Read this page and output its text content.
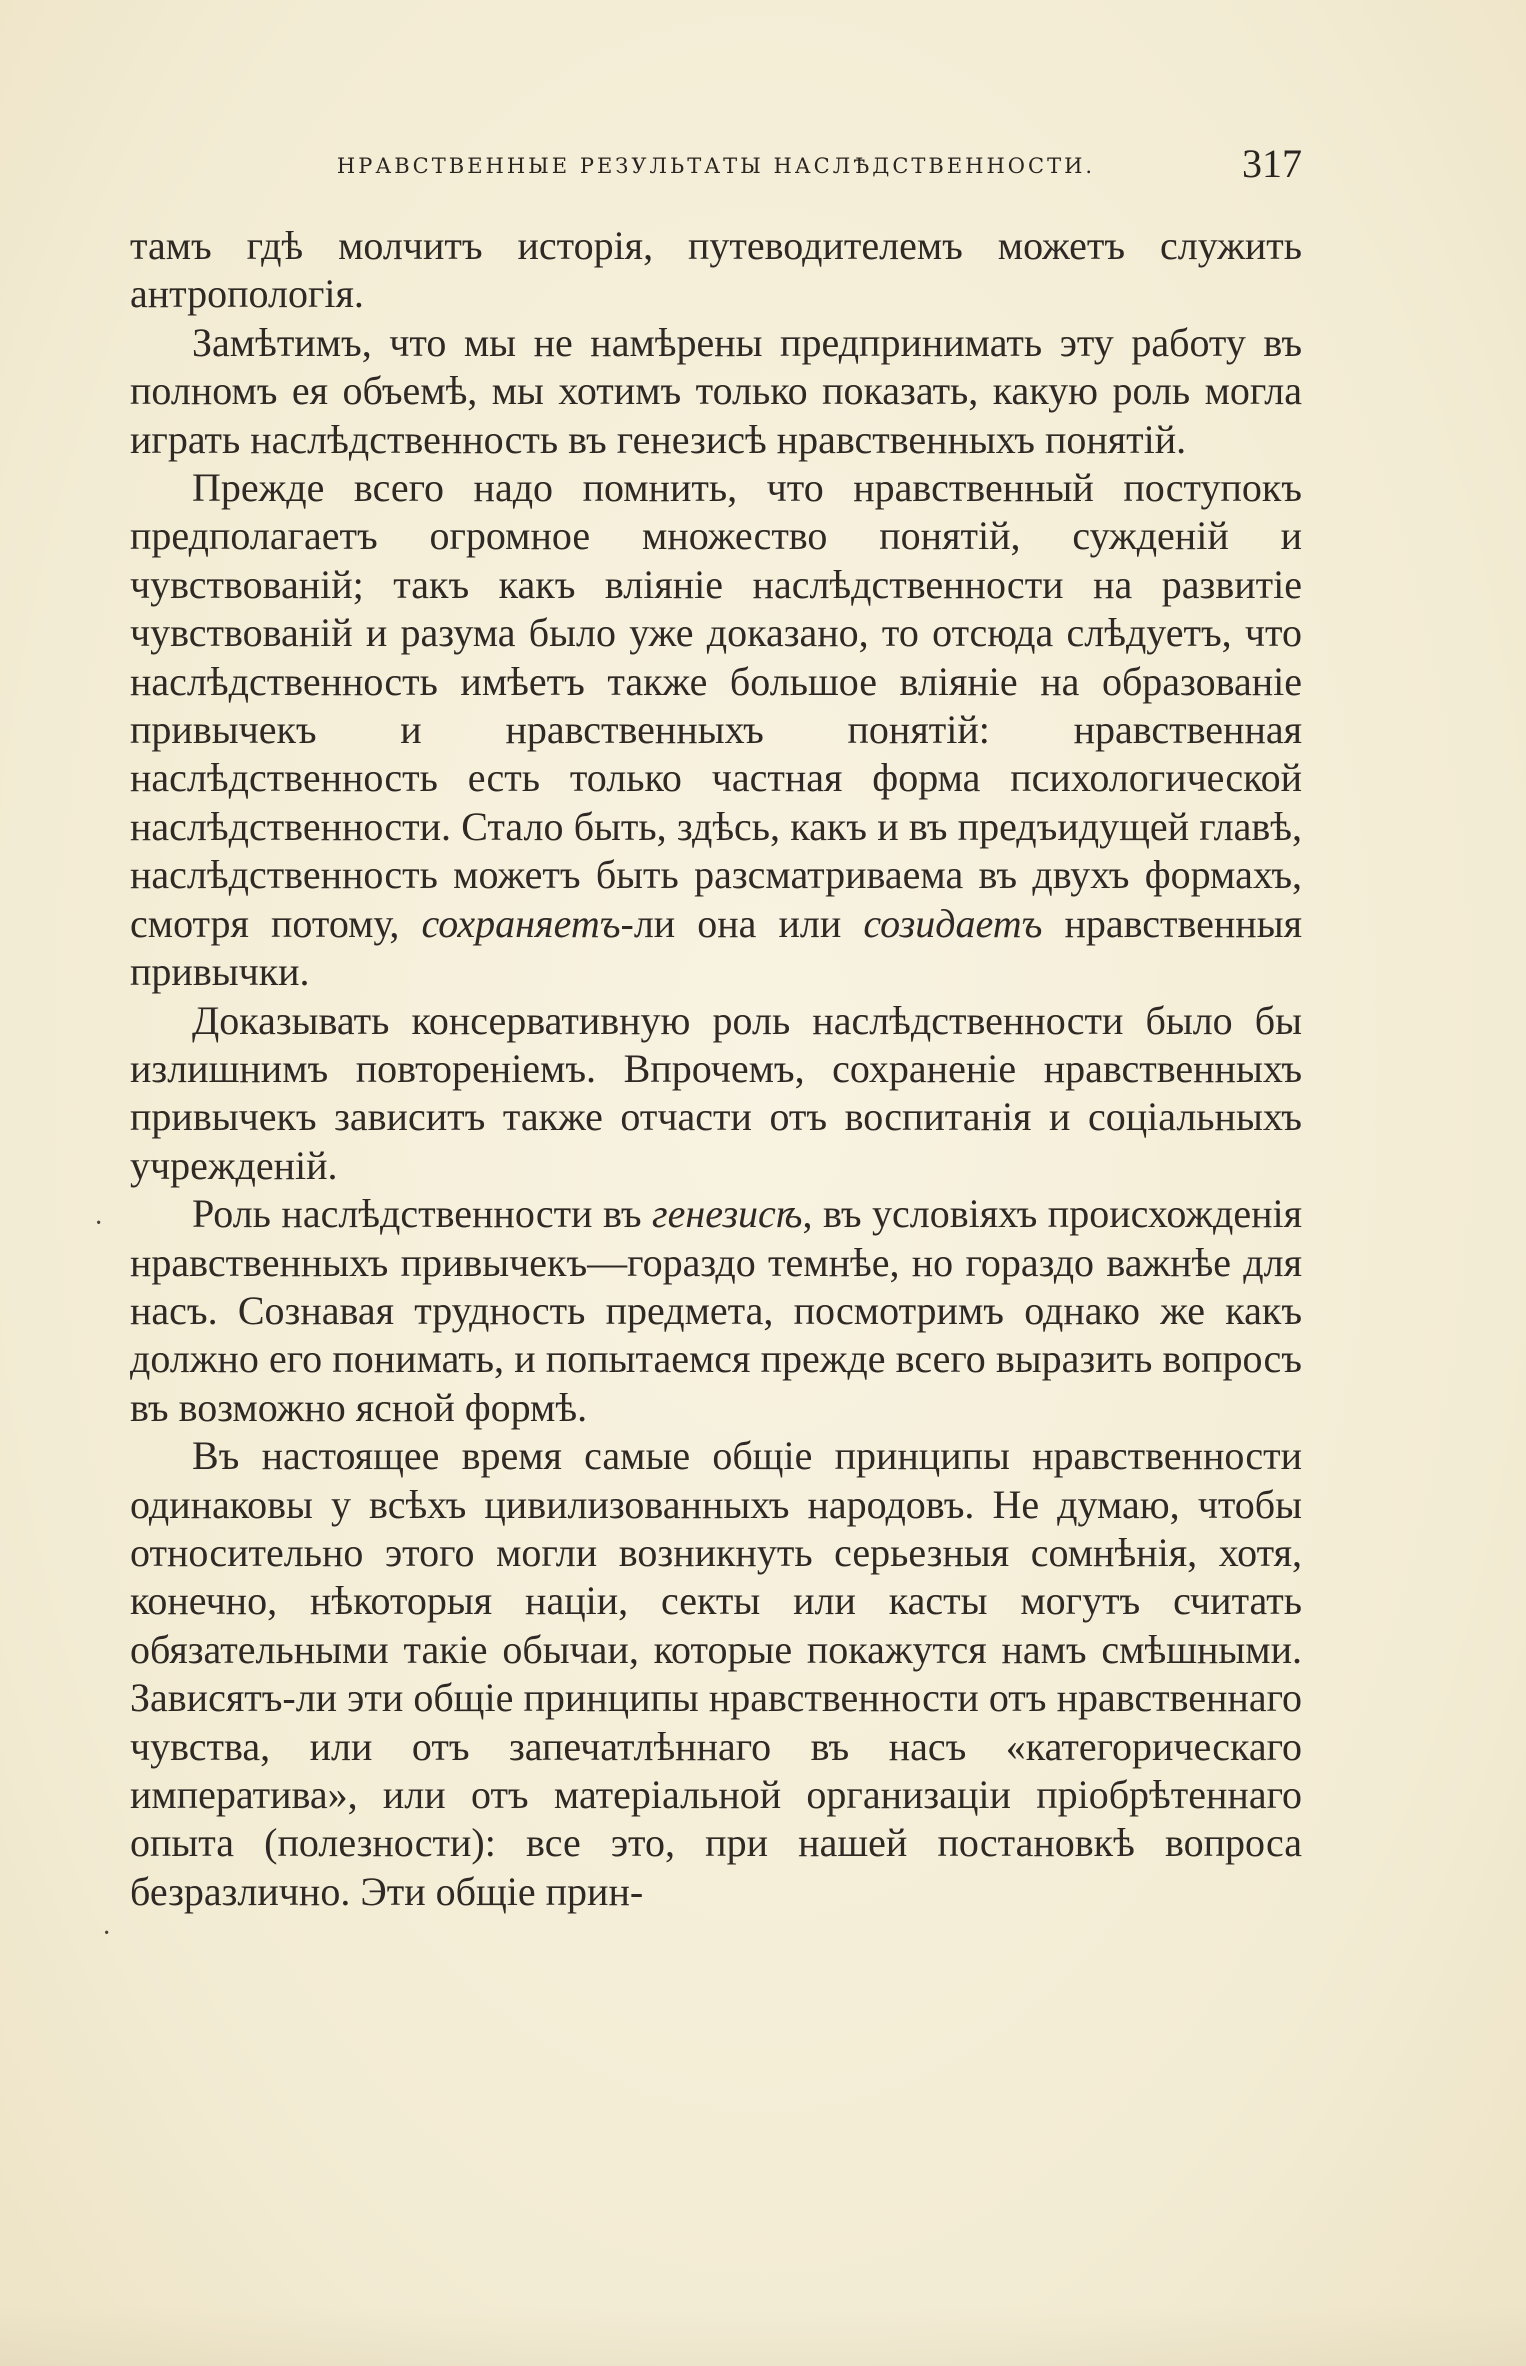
НРАВСТВЕННЫЕ РЕЗУЛЬТАТЫ НАСЛѢДСТВЕННОСТИ.	317

тамъ гдѣ молчитъ исторія, путеводителемъ можетъ служить антропологія.

Замѣтимъ, что мы не намѣрены предпринимать эту работу въ полномъ ея объемѣ, мы хотимъ только показать, какую роль могла играть наслѣдственность въ генезисѣ нравственныхъ понятій.

Прежде всего надо помнить, что нравственный поступокъ предполагаетъ огромное множество понятій, сужденій и чувствованій; такъ какъ вліяніе наслѣдственности на развитіе чувствованій и разума было уже доказано, то отсюда слѣдуетъ, что наслѣдственность имѣетъ также большое вліяніе на образованіе привычекъ и нравственныхъ понятій: нравственная наслѣдственность есть только частная форма психологической наслѣдственности. Стало быть, здѣсь, какъ и въ предъидущей главѣ, наслѣдственность можетъ быть разсматриваема въ двухъ формахъ, смотря потому, сохраняетъ-ли она или созидаетъ нравственныя привычки.

Доказывать консервативную роль наслѣдственности было бы излишнимъ повтореніемъ. Впрочемъ, сохраненіе нравственныхъ привычекъ зависитъ также отчасти отъ воспитанія и соціальныхъ учрежденій.

Роль наслѣдственности въ генезисѣ, въ условіяхъ происхожденія нравственныхъ привычекъ—гораздо темнѣе, но гораздо важнѣе для насъ. Сознавая трудность предмета, посмотримъ однако же какъ должно его понимать, и попытаемся прежде всего выразить вопросъ въ возможно ясной формѣ.

Въ настоящее время самые общіе принципы нравственности одинаковы у всѣхъ цивилизованныхъ народовъ. Не думаю, чтобы относительно этого могли возникнуть серьезныя сомнѣнія, хотя, конечно, нѣкоторыя націи, секты или касты могутъ считать обязательными такіе обычаи, которые покажутся намъ смѣшными. Зависятъ-ли эти общіе принципы нравственности отъ нравственнаго чувства, или отъ запечатлѣннаго въ насъ «категорическаго императива», или отъ матеріальной организаціи пріобрѣтеннаго опыта (полезности): все это, при нашей постановкѣ вопроса безразлично. Эти общіе прин-

·
·
